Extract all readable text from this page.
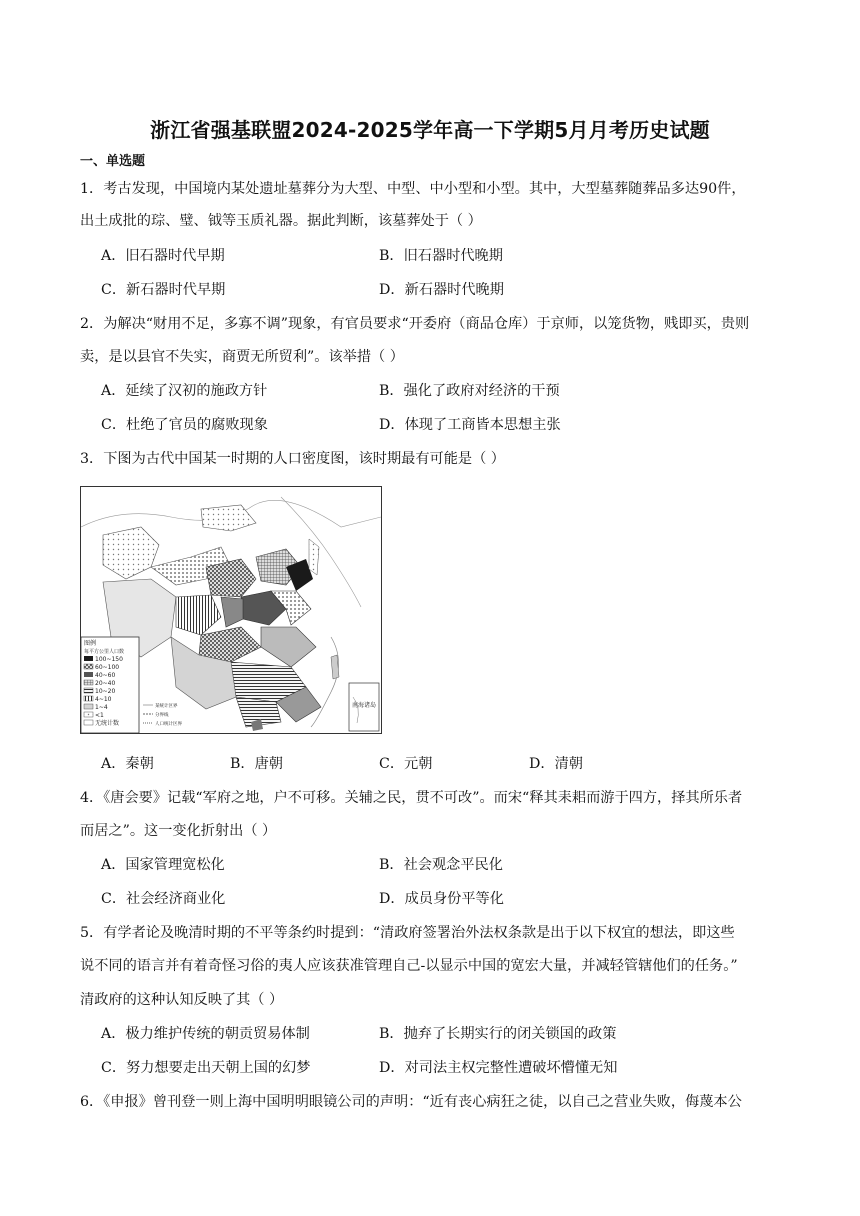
浙江省强基联盟2024-2025学年高一下学期5月月考历史试题
一、单选题
1．考古发现，中国境内某处遗址墓葬分为大型、中型、中小型和小型。其中，大型墓葬随葬品多达90件，
出土成批的琮、璧、钺等玉质礼器。据此判断，该墓葬处于（ ）
A．旧石器时代早期	B．旧石器时代晚期
C．新石器时代早期	D．新石器时代晚期
2．为解决“财用不足，多寡不调”现象，有官员要求“开委府（商品仓库）于京师，以笼货物，贱即买，贵则
卖，是以县官不失实，商贾无所贸利”。该举措（ ）
A．延续了汉初的施政方针	B．强化了政府对经济的干预
C．杜绝了官员的腐败现象	D．体现了工商皆本思想主张
3．下图为古代中国某一时期的人口密度图，该时期最有可能是（ ）
南海诸岛
图例
每平方公里人口数
100~150
60~100
40~60
20~40
10~20
4~10
1~4
<1
无统计数
某统计区界
分界线
人口统计区界
A．秦朝	B．唐朝	C．元朝	D．清朝
4．《唐会要》记载“军府之地，户不可移。关辅之民，贯不可改”。而宋“释其耒耜而游于四方，择其所乐者
而居之”。这一变化折射出（ ）
A．国家管理宽松化	B．社会观念平民化
C．社会经济商业化	D．成员身份平等化
5．有学者论及晚清时期的不平等条约时提到：“清政府签署治外法权条款是出于以下权宜的想法，即这些
说不同的语言并有着奇怪习俗的夷人应该获准管理自己-以显示中国的宽宏大量，并减轻管辖他们的任务。”
清政府的这种认知反映了其（ ）
A．极力维护传统的朝贡贸易体制	B．抛弃了长期实行的闭关锁国的政策
C．努力想要走出天朝上国的幻梦	D．对司法主权完整性遭破坏懵懂无知
6．《申报》曾刊登一则上海中国明明眼镜公司的声明：“近有丧心病狂之徒，以自己之营业失败，侮蔑本公
